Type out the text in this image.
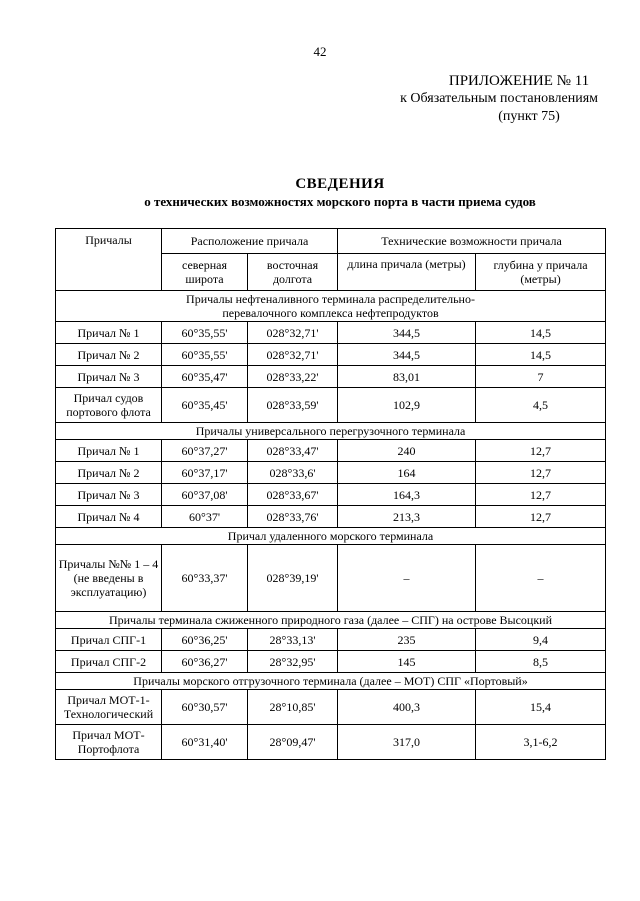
42
ПРИЛОЖЕНИЕ № 11
к Обязательным постановлениям
(пункт 75)
СВЕДЕНИЯ
о технических возможностях морского порта в части приема судов
Причалы	Расположение причала		Технические возможности причала	
	северная широта	восточная долгота	длина причала (метры)	глубина у причала (метры)
Причалы нефтеналивного терминала распределительно-перевалочного комплекса нефтепродуктов				
Причал № 1	60°35,55'	028°32,71'	344,5	14,5
Причал № 2	60°35,55'	028°32,71'	344,5	14,5
Причал № 3	60°35,47'	028°33,22'	83,01	7
Причал судов портового флота	60°35,45'	028°33,59'	102,9	4,5
Причалы универсального перегрузочного терминала				
Причал № 1	60°37,27'	028°33,47'	240	12,7
Причал № 2	60°37,17'	028°33,6'	164	12,7
Причал № 3	60°37,08'	028°33,67'	164,3	12,7
Причал № 4	60°37'	028°33,76'	213,3	12,7
Причал удаленного морского терминала				
Причалы №№ 1 – 4 (не введены в эксплуатацию)	60°33,37'	028°39,19'	–	–
Причалы терминала сжиженного природного газа (далее – СПГ) на острове Высоцкий				
Причал СПГ-1	60°36,25'	28°33,13'	235	9,4
Причал СПГ-2	60°36,27'	28°32,95'	145	8,5
Причалы морского отгрузочного терминала (далее – МОТ) СПГ «Портовый»				
Причал МОТ-1-Технологический	60°30,57'	28°10,85'	400,3	15,4
Причал МОТ-Портофлота	60°31,40'	28°09,47'	317,0	3,1-6,2
